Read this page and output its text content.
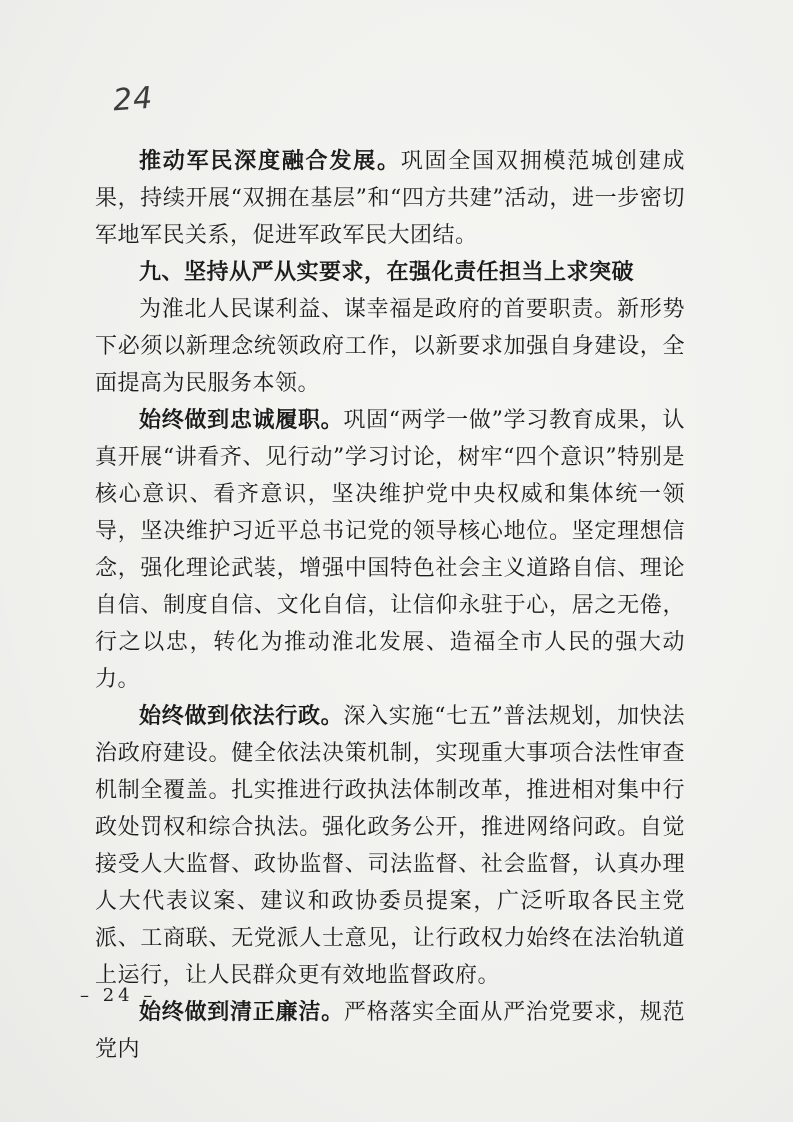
24

推动军民深度融合发展。巩固全国双拥模范城创建成果，持续开展“双拥在基层”和“四方共建”活动，进一步密切军地军民关系，促进军政军民大团结。

九、坚持从严从实要求，在强化责任担当上求突破

为淮北人民谋利益、谋幸福是政府的首要职责。新形势下必须以新理念统领政府工作，以新要求加强自身建设，全面提高为民服务本领。

始终做到忠诚履职。巩固“两学一做”学习教育成果，认真开展“讲看齐、见行动”学习讨论，树牢“四个意识”特别是核心意识、看齐意识，坚决维护党中央权威和集体统一领导，坚决维护习近平总书记党的领导核心地位。坚定理想信念，强化理论武装，增强中国特色社会主义道路自信、理论自信、制度自信、文化自信，让信仰永驻于心，居之无倦，行之以忠，转化为推动淮北发展、造福全市人民的强大动力。

始终做到依法行政。深入实施“七五”普法规划，加快法治政府建设。健全依法决策机制，实现重大事项合法性审查机制全覆盖。扎实推进行政执法体制改革，推进相对集中行政处罚权和综合执法。强化政务公开，推进网络问政。自觉接受人大监督、政协监督、司法监督、社会监督，认真办理人大代表议案、建议和政协委员提案，广泛听取各民主党派、工商联、无党派人士意见，让行政权力始终在法治轨道上运行，让人民群众更有效地监督政府。

始终做到清正廉洁。严格落实全面从严治党要求，规范党内

– 24 –
